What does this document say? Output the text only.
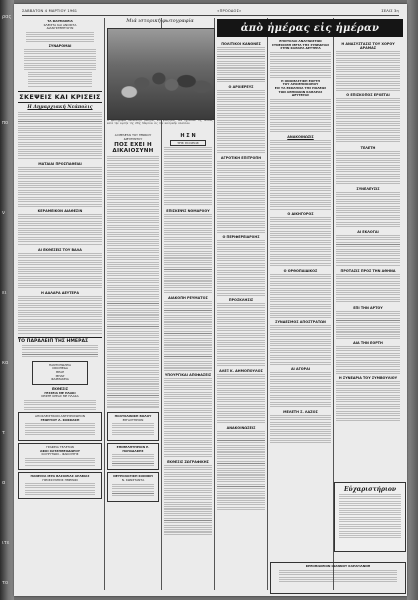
ρας
πο
ν
ει
κα
τ
α
ιτε
το
ΣΑΒΒΑΤΟΝ 4 ΜΑΡΤΙΟΥ 1961	«ΠΡΟΟΔΟΣ»	ΣΕΛΙΣ 3η
ΤΑ ΦΑΡΜΑΚΕΙΑ
ΚΛΕΙΣΤΑ ΚΑΙ ΑΝΟΙΚΤΑ
ΔΙΑΝΥΚΤΕΡΕΥΟΥΝ
ΣΥΝΔΡΟΜΑΙ
ΣΚΕΨΕΙΣ ΚΑΙ ΚΡΙΣΕΙΣ
Η Δημαρχιακή Νεάπολις
ΜΑΤΑΙΑΙ ΠΡΟΣΠΑΘΕΙΑΙ
ΚΕΡΑΜΕΙΚΟΝ ΔΙΑΘΕΣΙΝ
ΑΙ ΕΚΘΕΣΕΙΣ ΤΟΥ ΒΑΛΑ
Η ΔΑΛΑΡΑ ΔΕΥΤΕΡΑ
ΤΟ ΠΑΡΑΛΕΙΠ ΤΗΣ ΗΜΕΡΑΣ
ΠΑΝΤΟΠΩΛΕΙΑ
ΟΙΚΟΠΕΔΑ
ΘΕΑΕ
ΜΠΑΡ
ΦΑΡΜΑΚΕΙΑ
ΕΚΘΕΣΙΣ
ΓΕΣΣΕΙΑ ΜΕ ΠΛΑΚΙ
ΚΕΦΤΕ ΚΡΕΑΣ ΜΕ ΠΛΑΚΑ
ΑΠΟΚΛΕΙΣΤΙΚΟΝ ΑΝΤΙΠΡΟΣΩΠΟΝ
ΓΕΩΡΓΙΟΥ Λ. ΚΟΚΚΑΚΗ
ΓΡΑΦΕΙΑ ΤΕΛΕΤΩΝ
ΑΦΟΙ ΧΑΤΖΗΘΕΟΔΩΡΟΥ
ΚΟΥΡΥΤΙΩΝ – ΦΑΚΟΥΡΗΣ
ΠΑΝΕΣΣΑ ΙΕΡΑ ΒΑΣΙΛΕΙΑΣ ΑΡΑΒΙΑΣ
ΠΡΟΣΚΥΝΗΣΙΣ ΗΜΕΡΩΝ
Μιά ιστορική φωτογραφία
Η φωτογραφία απεικονίζει μαθητάς και μαθητρίας των σχολείων της πόλεως κατά την εορτήν της 25ης Μαρτίου εις την κεντρικήν πλατείαν.
ΑΙ ΜΕΛΕΤΑΙ ΤΟΥ ΓΕΝΙΚΟΥ ΔΙΕΥΘΥΝΤΟΥ
ΠΟΣ ΕΧΕΙ Η ΔΙΚΑΙΟΣΥΝΗ
ΠΟΛΥΚΛΙΝΙΚΗ ΒΟΛΟΥ
ΕΡΓΑΣΤΗΡΙΟΝ
ΕΠΙΜΕΛΗΤΗΡΙΟΝ Ε. ΠΑΠΑΔΑΚΗΣ
ΝΕΥΡΟΛΟΓΙΚΗ ΚΛΙΝΙΚΗ
Ν. ΚΩΝΣΤΑΝΤΑ
Η Σ Ν
ΤΗΣ ΠΟΛΕΩΣ
ΕΠΙΣΚΕΨΙΣ ΝΟΜΑΡΧΟΥ
ΔΙΑΚΟΠΗ ΡΕΥΜΑΤΟΣ
ΥΠΟΥΡΓΙΚΑΙ ΑΠΟΦΑΣΕΙΣ
ΕΚΘΕΣΙΣ ΖΩΓΡΑΦΙΚΗΣ
ἀπὸ ἡμέρας εἰς ἡμέραν
ΠΟΛΙΤΙΚΟΙ ΚΑΝΟΝΕΣ
Ο ΑΡΧΙΕΡΕΥΣ
ΑΓΡΟΤΙΚΗ ΕΠΙΤΡΟΠΗ
Ο ΠΕΡΙΦΕΡΕΙΑΡΧΗΣ
ΠΡΟΣΚΛΗΣΙΣ
ΑΛΕΞ Κ. ΔΗΜΟΠΟΥΛΟΣ
ΑΝΑΚΟΙΝΩΣΕΙΣ
ΕΠΙΣΤΟΛΑΙ ΑΝΑΓΝΩΣΤΩΝ
ΣΥΝΕΧΙΣΘΗ ΜΕΤΑ ΤΗΣ ΣΥΝΕΔΡΙΑΣ
ΣΤΗΝ ΚΑΘΑΡΑ ΔΕΥΤΕΡΑ
Η ΟΝΟΜΑΣΤΙΚΗ ΕΟΡΤΗ
ΤΟΥ ΑΡΧΙΕΠΙΣΚΟΠΟΥ
ΕΙΣ ΤΑ ΕΚΚΛΗΣΙΑ ΤΗΣ ΠΟΛΕΩΣ
ΤΩΝ ΑΘΗΝΑΙΩΝ ΚΑΘΑΡΑΣ ΔΕΥΤΕΡΑΣ
ΑΝΑΚΟΙΝΩΣΙΣ
Ο ΔΙΚΗΓΟΡΟΣ
Ο ΟΡΘΟΠΑΙΔΙΚΟΣ
ΣΥΝΔΕΣΜΟΣ ΑΠΟΣΤΡΑΤΩΝ
ΑΙ ΑΓΟΡΑΙ
ΜΕΛΕΤΗ Σ. ΛΑΖΟΣ
Εὐχαριστήριον
ΚΡΕΟΠΩΛΕΙΟΝ ΙΩΑΝΝΟΥ ΚΑΡΑΓΙΑΝΝΗ
Η ΑΝΑΣΥΣΤΑΣΙΣ ΤΟΥ ΧΟΡΟΥ ΔΡΑΜΑΣ
Ο ΕΠΙΣΚΟΠΟΣ ΕΡΧΕΤΑΙ
ΤΕΛΕΤΗ
ΣΥΝΕΛΕΥΣΙΣ
ΑΙ ΕΚΛΟΓΑΙ
ΠΡΟΤΑΣΙΣ ΠΡΟΣ ΤΗΝ ΑΘΗΝΑ
ΕΠΙ ΤΗΝ ΑΡΤΟΥ
ΔΙΑ ΤΗΝ ΕΟΡΤΗ
Η ΣΥΝΕΔΡΙΑ ΤΟΥ ΣΥΜΒΟΥΛΙΟΥ
